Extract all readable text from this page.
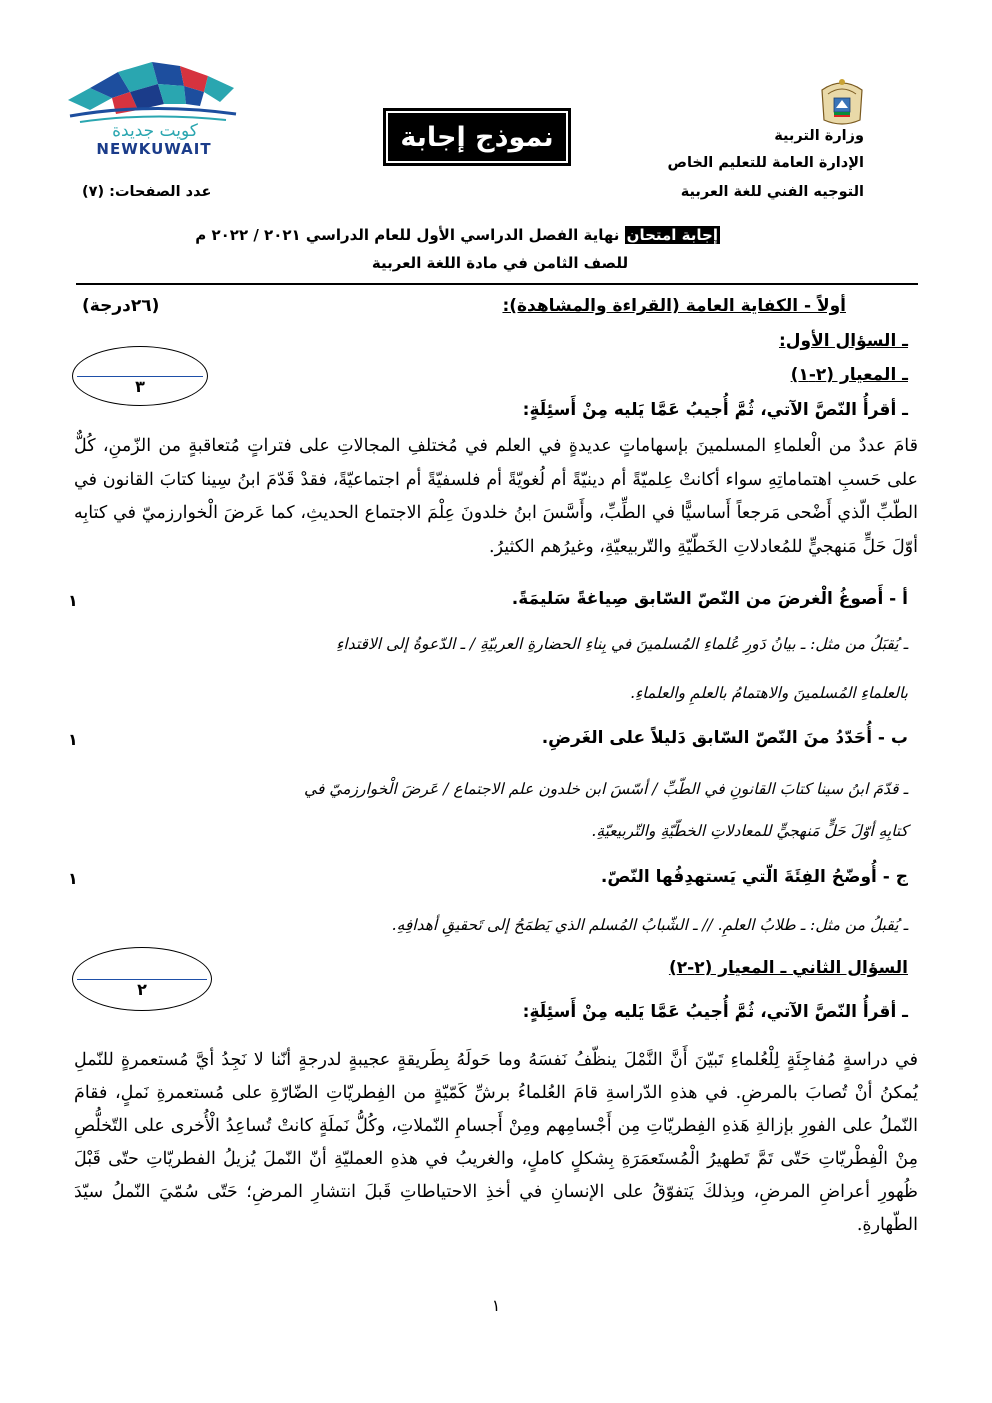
وزارة التربية
الإدارة العامة للتعليم الخاص
التوجيه الفني للغة العربية
عدد الصفحات: (٧)
نموذج إجابة
كويت جديدة
NEWKUWAIT
إجابة امتحان نهاية الفصل الدراسي الأول للعام الدراسي ٢٠٢١ / ٢٠٢٢ م
للصف الثامن في مادة اللغة العربية
أولاً - الكفاية العامة (القراءة والمشاهدة):
(٢٦درجة)
ـ السؤال الأول:
ـ المعيار (٢-١)
٣
ـ أقرأُ النّصَّ الآتي، ثُمَّ أُجيبُ عَمَّا يَليه مِنْ أَسئِلَةٍ:
قامَ عددٌ من الْعلماءِ المسلمينَ بإسهاماتٍ عديدةٍ في العلم في مُختلفِ المجالاتِ على فتراتٍ مُتعاقبةٍ من الزّمنِ، كُلٌّ على حَسبِ اهتماماتِهِ سواء أكانتْ عِلميّةً أم دينيّةً أم لُغويّةً أم فلسفيّةً أم اجتماعيّةً، فقدْ قَدّمَ ابنُ سِينا كتابَ القانون في الطّبِّ الّذي أَضْحى مَرجعاً أَساسيًّا في الطِّبِّ، وأَسَّسَ ابنُ خلدونَ عِلْمَ الاجتماع الحديثِ، كما عَرضَ الْخوارزميّ في كتابِه أوّلَ حَلٍّ مَنهجيٍّ للمُعادلاتِ الخَطّيّةِ والتّربيعيّةِ، وغيرُهم الكثيرُ.
أ - أَصوغُ الْغرضَ من النّصّ السّابق صِياغةً سَليمَةً.
١
ـ يُقبَلُ من مثل: ـ بيانُ دَورِ عُلماءِ المُسلمينَ في بِناءِ الحضارةِ العربيّةِ / ـ الدّعوةُ إلى الاقتداءِ
بالعلماءِ المُسلمينَ والاهتمامُ بالعلمِ والعلماءِ.
ب - أُحَدّدُ منَ النّصّ السّابق دَليلاً على الغَرضِ.
١
ـ قدّمَ ابنُ سينا كتابَ القانونِ في الطّبِّ / أسّسَ ابن خلدون علم الاجتماع / عَرضَ الْخوارزميّ في
كتابِهِ أوّلَ حَلٍّ مَنهجيٍّ للمعادلاتِ الخطّيّةِ والتّربيعيّةِ.
ج - أُوضّحُ الفِئَةَ الّتي يَستهدِفُها النّصّ.
١
ـ يُقبلُ من مثل: ـ طلابُ العلمِ. // ـ الشّبابُ المُسلم الذي يَطمَحُ إلى تَحقيقِ أهدافِهِ.
السؤال الثاني ـ المعيار (٢-٢)
٢
ـ أقرأُ النّصَّ الآتي، ثُمَّ أُجيبُ عَمَّا يَليه مِنْ أَسئِلَةٍ:
في دراسةٍ مُفاجِئَةٍ لِلْعُلماءِ تَبيّنَ أَنَّ النَّمْلَ ينظّفُ نَفسَهُ وما حَولَهُ بِطَريقةٍ عجيبةٍ لدرجةٍ أنّنا لا نَجِدُ أيَّ مُستعمرةٍ للنّملِ يُمكنُ أنْ تُصابَ بالمرضِ. في هذهِ الدّراسةِ قامَ العُلماءُ برشِّ كَمّيّةٍ من الفِطريّاتِ الضّارّةِ على مُستعمرةِ نَملٍ، فقامَ النّملُ على الفورِ بإزالةِ هَذهِ الفِطريّاتِ مِن أَجْسامِهم ومِنْ أَجسامِ النّملاتِ، وكُلُّ نَملَةٍ كانتْ تُساعِدُ الْأُخرى على التّخلُّصِ مِنْ الْفِطْريّاتِ حَتّى تَمَّ تَطهيرُ الْمُستَعمَرَةِ بِشكلٍ كاملٍ، والغريبُ في هذهِ العمليّةِ أنّ النّملَ يُزيلُ الفطريّاتِ حتّى قَبْلَ ظُهورِ أعراضِ المرضِ، وبِذلكَ يَتفوّقُ على الإنسانِ في أخذِ الاحتياطاتِ قَبلَ انتشارِ المرضِ؛ حَتّى سُمّيَ النّملُ سيّدَ الطّهارةِ.
١
